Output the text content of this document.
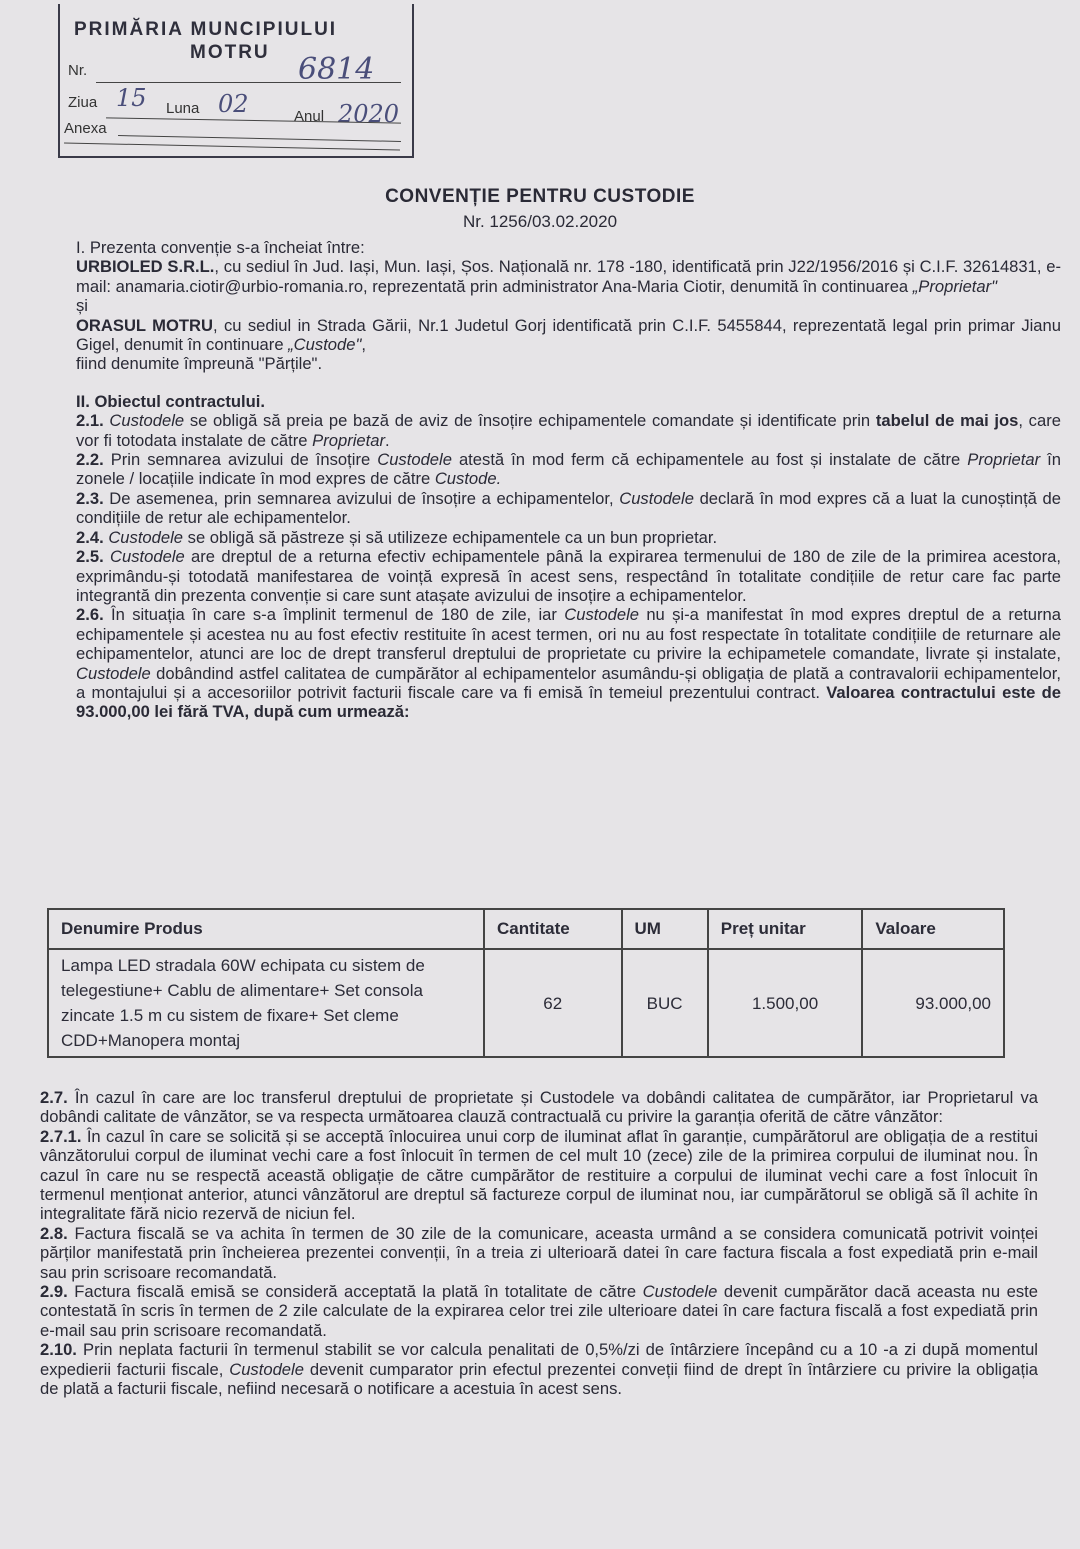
PRIMĂRIA MUNCIPIULUI
MOTRU
Nr.	6814
Ziua 15 Luna 02	Anul 2020
Anexa
CONVENȚIE PENTRU CUSTODIE
Nr. 1256/03.02.2020

I. Prezenta convenție s-a încheiat între:

URBIOLED S.R.L., cu sediul în Jud. Iași, Mun. Iași, Șos. Națională nr. 178 -180, identificată prin J22/1956/2016 și C.I.F. 32614831, e-mail: anamaria.ciotir@urbio-romania.ro, reprezentată prin administrator Ana-Maria Ciotir, denumită în continuarea „Proprietar"

și

ORASUL MOTRU, cu sediul in Strada Gării, Nr.1 Judetul Gorj identificată prin C.I.F. 5455844, reprezentată legal prin primar Jianu Gigel, denumit în continuare „Custode",

fiind denumite împreună "Părțile".

II. Obiectul contractului.

2.1. Custodele se obligă să preia pe bază de aviz de însoțire echipamentele comandate și identificate prin tabelul de mai jos, care vor fi totodata instalate de către Proprietar.

2.2. Prin semnarea avizului de însoțire Custodele atestă în mod ferm că echipamentele au fost și instalate de către Proprietar în zonele / locațiile indicate în mod expres de către Custode.

2.3. De asemenea, prin semnarea avizului de însoțire a echipamentelor, Custodele declară în mod expres că a luat la cunoștință de condițiile de retur ale echipamentelor.

2.4. Custodele se obligă să păstreze și să utilizeze echipamentele ca un bun proprietar.

2.5. Custodele are dreptul de a returna efectiv echipamentele până la expirarea termenului de 180 de zile de la primirea acestora, exprimându-și totodată manifestarea de voință expresă în acest sens, respectând în totalitate condițiile de retur care fac parte integrantă din prezenta convenție si care sunt atașate avizului de insoțire a echipamentelor.

2.6. În situația în care s-a împlinit termenul de 180 de zile, iar Custodele nu și-a manifestat în mod expres dreptul de a returna echipamentele și acestea nu au fost efectiv restituite în acest termen, ori nu au fost respectate în totalitate condițiile de returnare ale echipamentelor, atunci are loc de drept transferul dreptului de proprietate cu privire la echipametele comandate, livrate și instalate, Custodele dobândind astfel calitatea de cumpărător al echipamentelor asumându-și obligația de plată a contravalorii echipamentelor, a montajului și a accesoriilor potrivit facturii fiscale care va fi emisă în temeiul prezentului contract. Valoarea contractului este de 93.000,00 lei fără TVA, după cum urmează:

Denumire Produs	Cantitate	UM	Preț unitar	Valoare
Lampa LED stradala 60W echipata cu sistem de telegestiune+ Cablu de alimentare+ Set consola zincate 1.5 m cu sistem de fixare+ Set cleme CDD+Manopera montaj	62	BUC	1.500,00	93.000,00

2.7. În cazul în care are loc transferul dreptului de proprietate și Custodele va dobândi calitatea de cumpărător, iar Proprietarul va dobândi calitate de vânzător, se va respecta următoarea clauză contractuală cu privire la garanția oferită de către vânzător:

2.7.1. În cazul în care se solicită și se acceptă înlocuirea unui corp de iluminat aflat în garanție, cumpărătorul are obligația de a restitui vânzătorului corpul de iluminat vechi care a fost înlocuit în termen de cel mult 10 (zece) zile de la primirea corpului de iluminat nou. În cazul în care nu se respectă această obligație de către cumpărător de restituire a corpului de iluminat vechi care a fost înlocuit în termenul menționat anterior, atunci vânzătorul are dreptul să factureze corpul de iluminat nou, iar cumpărătorul se obligă să îl achite în integralitate fără nicio rezervă de niciun fel.

2.8. Factura fiscală se va achita în termen de 30 zile de la comunicare, aceasta urmând a se considera comunicată potrivit voinței părților manifestată prin încheierea prezentei convenții, în a treia zi ulterioară datei în care factura fiscala a fost expediată prin e-mail sau prin scrisoare recomandată.

2.9. Factura fiscală emisă se consideră acceptată la plată în totalitate de către Custodele devenit cumpărător dacă aceasta nu este contestată în scris în termen de 2 zile calculate de la expirarea celor trei zile ulterioare datei în care factura fiscală a fost expediată prin e-mail sau prin scrisoare recomandată.

2.10. Prin neplata facturii în termenul stabilit se vor calcula penalitati de 0,5%/zi de întârziere începând cu a 10 -a zi după momentul expedierii facturii fiscale, Custodele devenit cumparator prin efectul prezentei conveții fiind de drept în întârziere cu privire la obligația de plată a facturii fiscale, nefiind necesară o notificare a acestuia în acest sens.
